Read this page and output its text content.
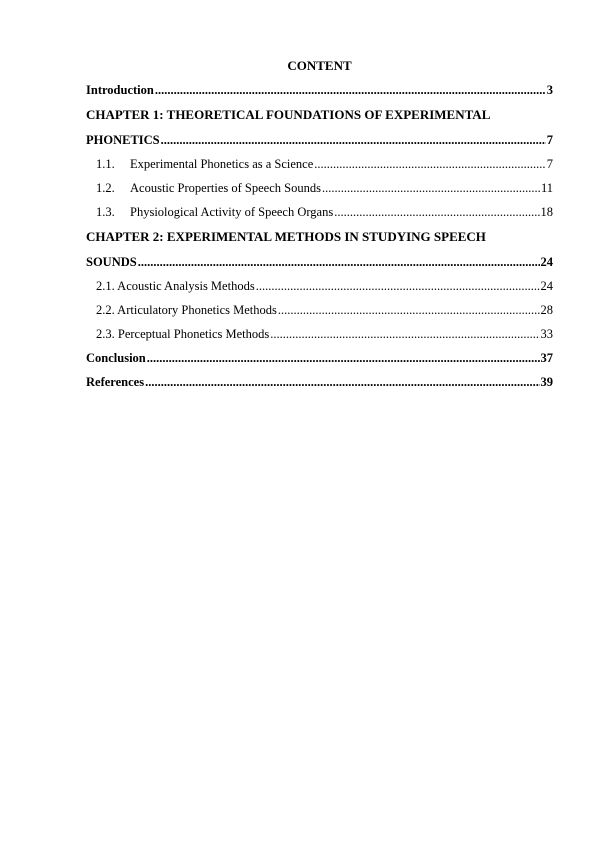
CONTENT
Introduction .....	3
CHAPTER 1: THEORETICAL FOUNDATIONS OF EXPERIMENTAL
PHONETICS .....	7
1.1.	Experimental Phonetics as a Science .....	7
1.2.	Acoustic Properties of Speech Sounds .....	11
1.3.	Physiological Activity of Speech Organs .....	18
CHAPTER 2: EXPERIMENTAL METHODS IN STUDYING SPEECH
SOUNDS .....	24
2.1. Acoustic Analysis Methods .....	24
2.2. Articulatory Phonetics Methods .....	28
2.3. Perceptual Phonetics Methods .....	33
Conclusion .....	37
References .....	39
